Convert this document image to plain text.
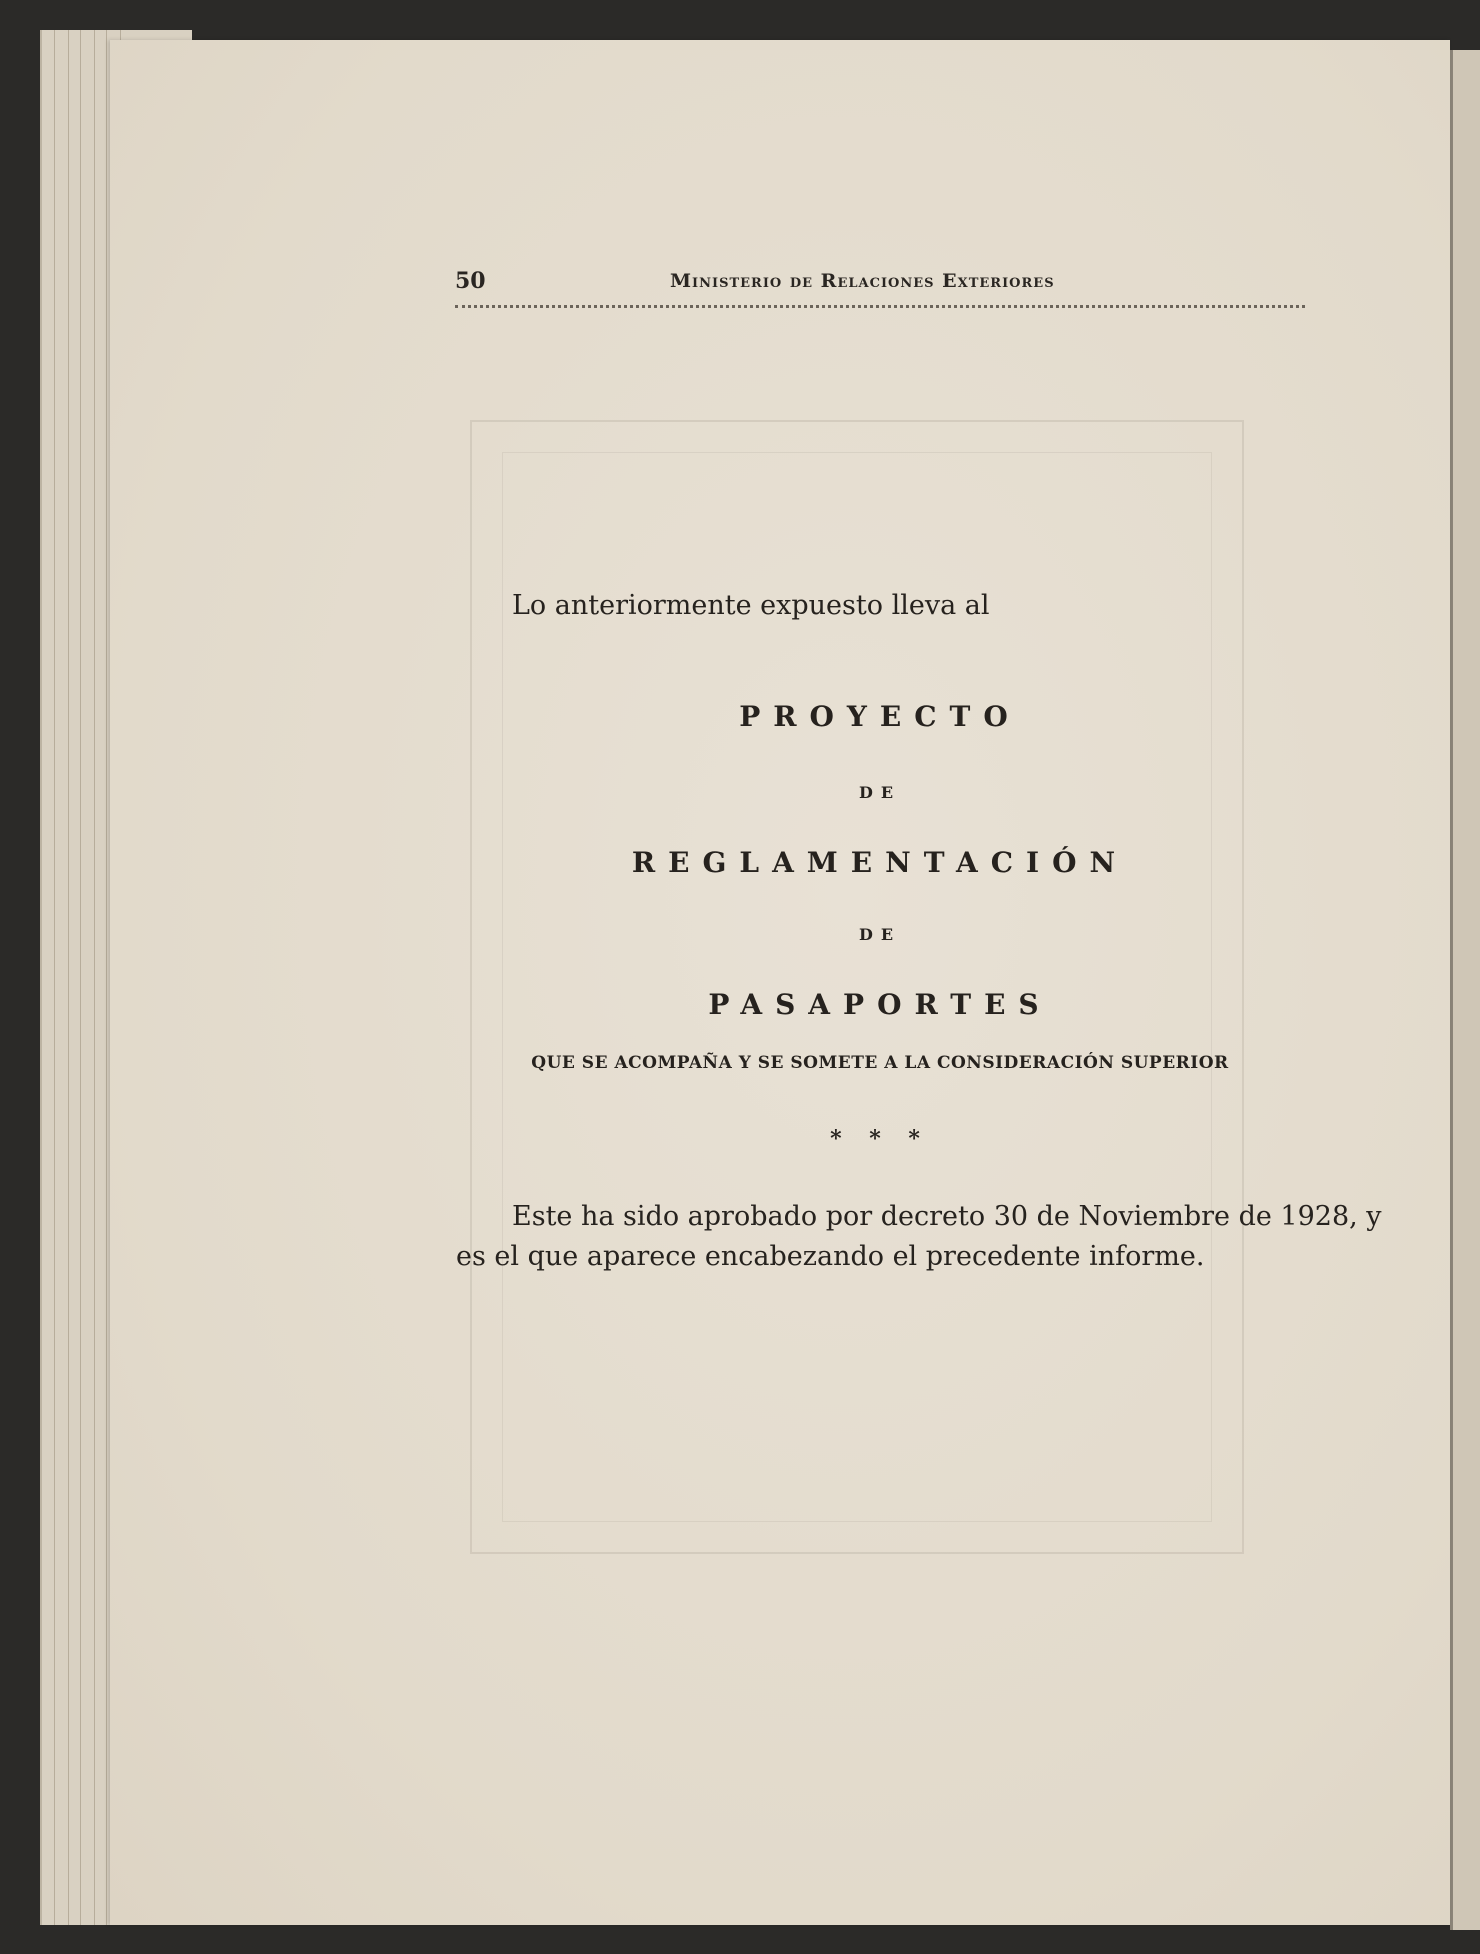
50	Ministerio de Relaciones Exteriores
Lo anteriormente expuesto lleva al
PROYECTO
DE
REGLAMENTACIÓN
DE
PASAPORTES
QUE SE ACOMPAÑA Y SE SOMETE A LA CONSIDERACIÓN SUPERIOR
* * *
Este ha sido aprobado por decreto 30 de Noviembre de 1928, y
es el que aparece encabezando el precedente informe.
